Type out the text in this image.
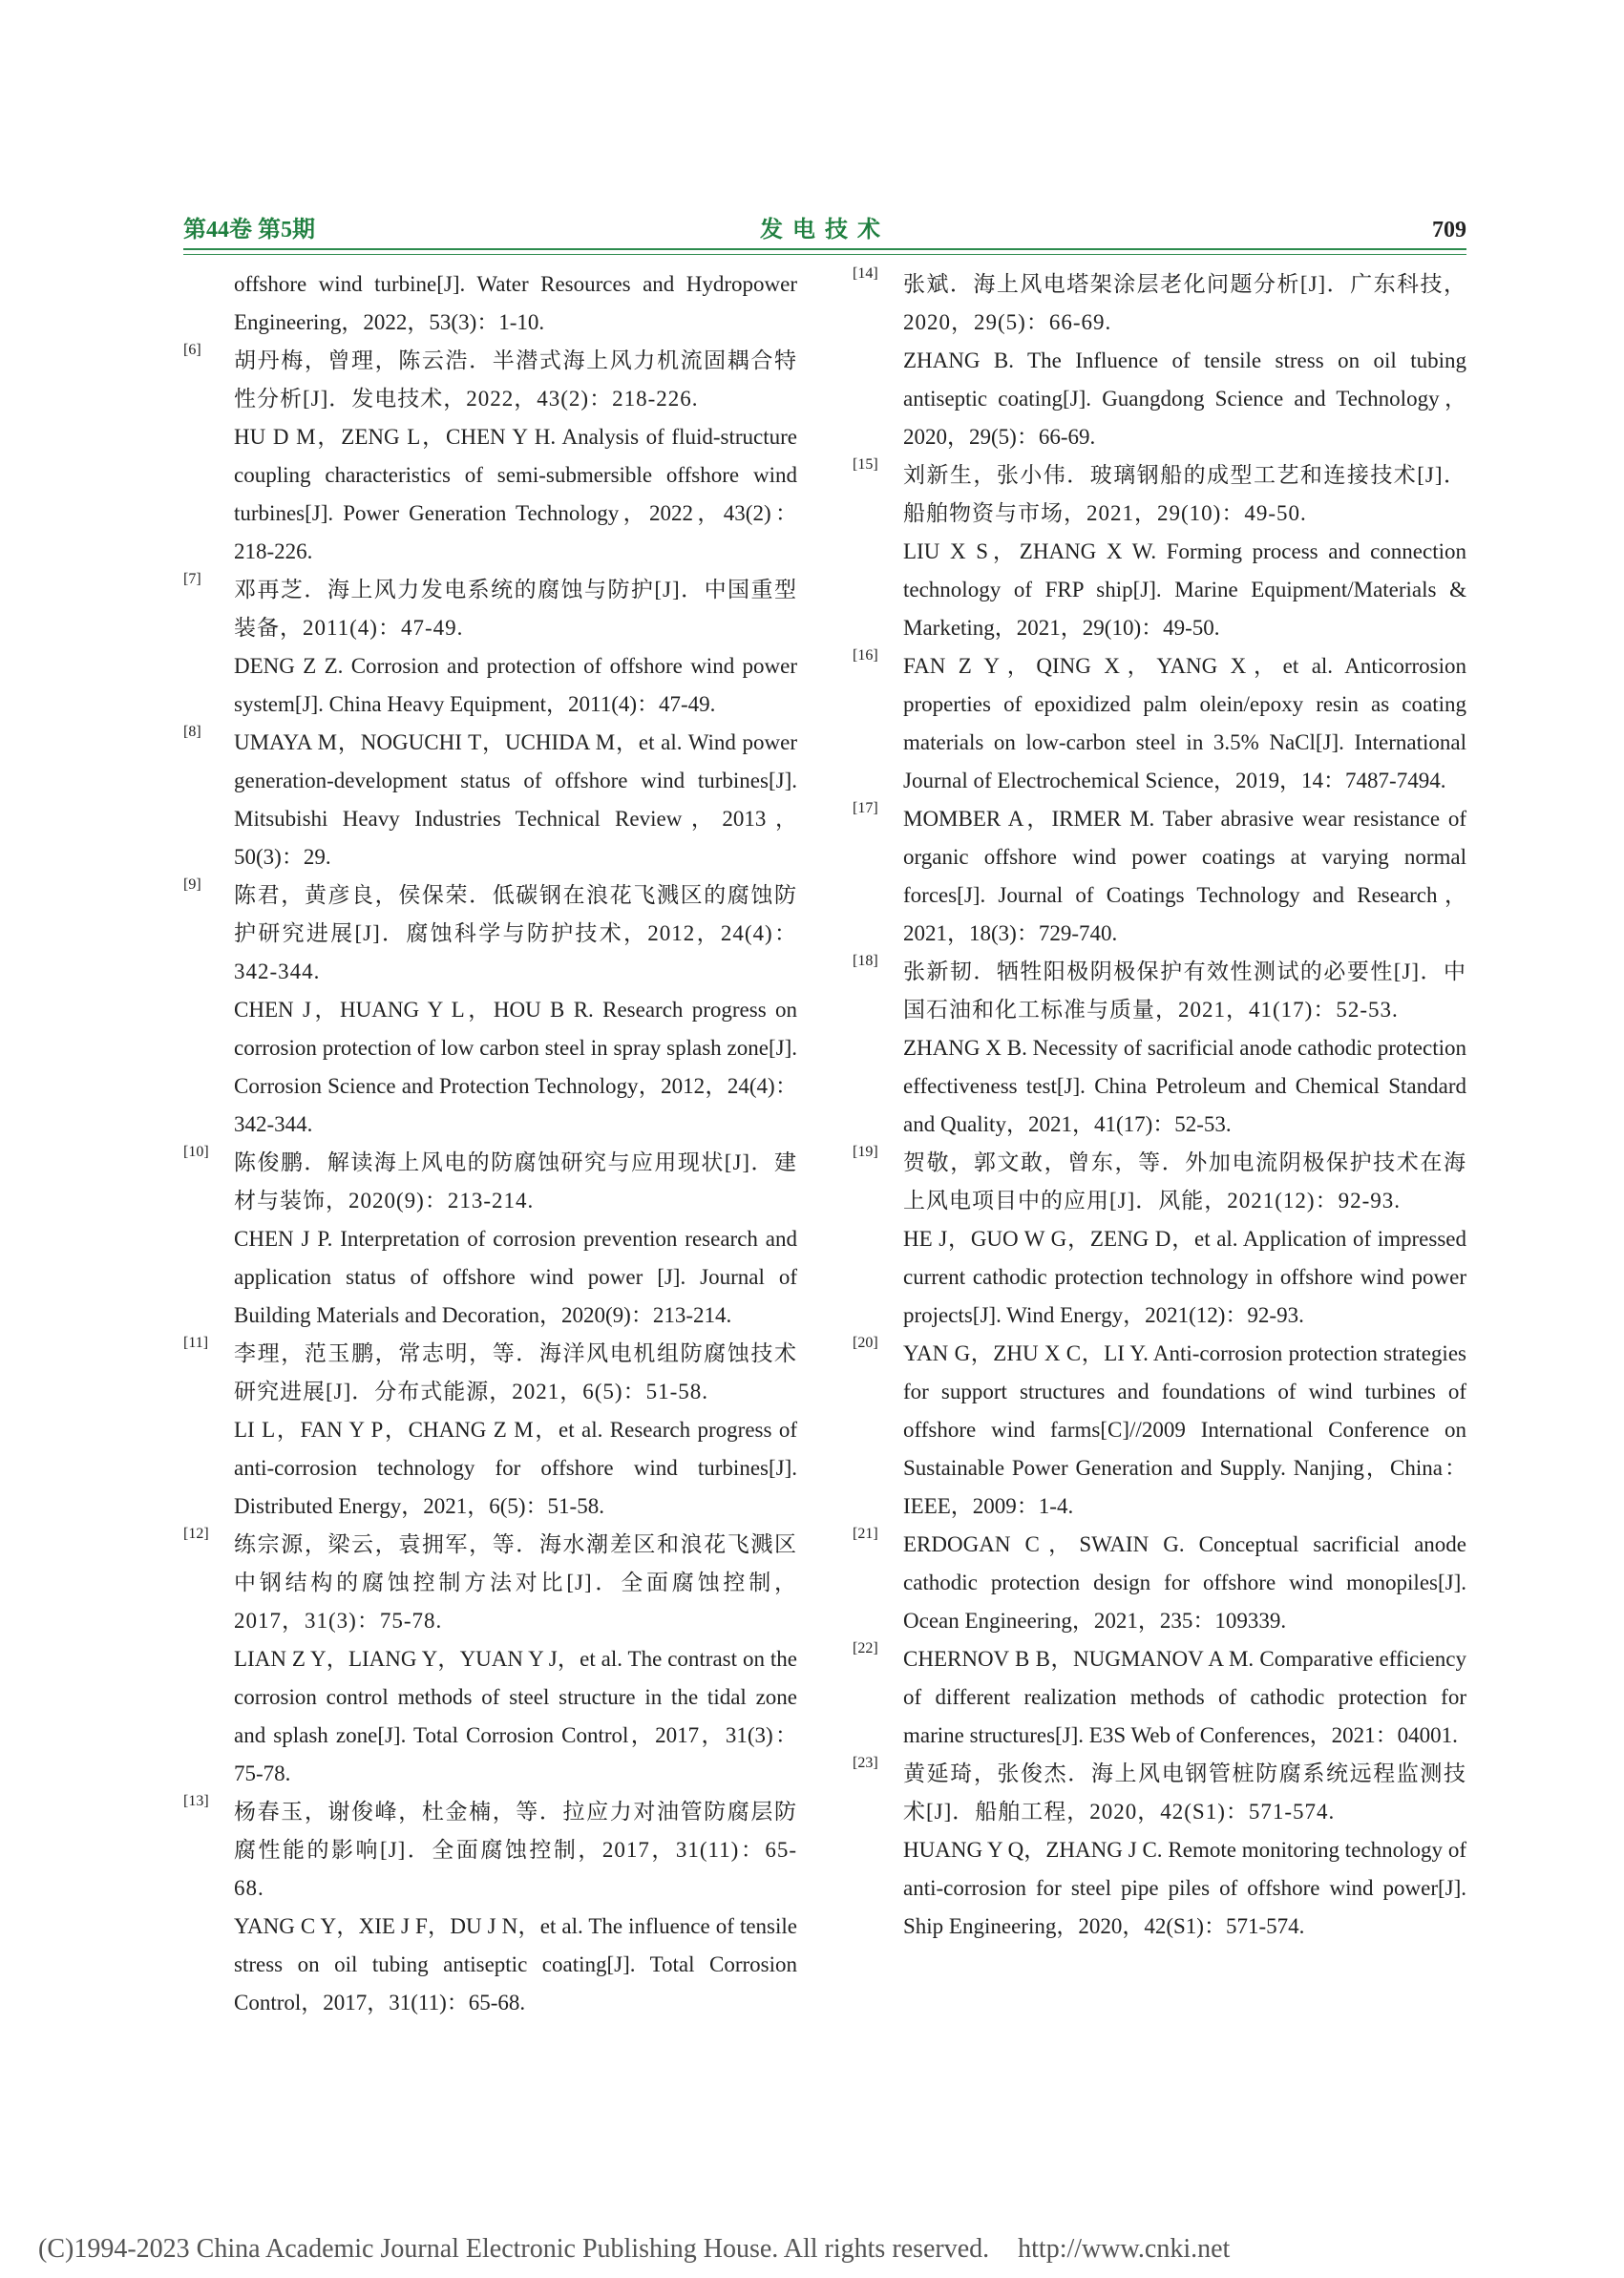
第44卷 第5期	发电技术	709

offshore wind turbine[J]. Water Resources and Hydropower Engineering，2022，53(3)：1-10.

[6] 胡丹梅，曾理，陈云浩．半潜式海上风力机流固耦合特性分析[J]．发电技术，2022，43(2)：218-226.

HU D M，ZENG L，CHEN Y H. Analysis of fluid-structure coupling characteristics of semi-submersible offshore wind turbines[J]. Power Generation Technology，2022，43(2)：218-226.

[7] 邓再芝．海上风力发电系统的腐蚀与防护[J]．中国重型装备，2011(4)：47-49.

DENG Z Z. Corrosion and protection of offshore wind power system[J]. China Heavy Equipment，2011(4)：47-49.

[8] UMAYA M，NOGUCHI T，UCHIDA M，et al. Wind power generation-development status of offshore wind turbines[J]. Mitsubishi Heavy Industries Technical Review，2013，50(3)：29.

[9] 陈君，黄彦良，侯保荣．低碳钢在浪花飞溅区的腐蚀防护研究进展[J]．腐蚀科学与防护技术，2012，24(4)：342-344.

CHEN J，HUANG Y L，HOU B R. Research progress on corrosion protection of low carbon steel in spray splash zone[J]. Corrosion Science and Protection Technology，2012，24(4)：342-344.

[10] 陈俊鹏．解读海上风电的防腐蚀研究与应用现状[J]．建材与装饰，2020(9)：213-214.

CHEN J P. Interpretation of corrosion prevention research and application status of offshore wind power [J]. Journal of Building Materials and Decoration，2020(9)：213-214.

[11] 李理，范玉鹏，常志明，等．海洋风电机组防腐蚀技术研究进展[J]．分布式能源，2021，6(5)：51-58.

LI L，FAN Y P，CHANG Z M，et al. Research progress of anti-corrosion technology for offshore wind turbines[J]. Distributed Energy，2021，6(5)：51-58.

[12] 练宗源，梁云，袁拥军，等．海水潮差区和浪花飞溅区中钢结构的腐蚀控制方法对比[J]．全面腐蚀控制，2017，31(3)：75-78.

LIAN Z Y，LIANG Y，YUAN Y J，et al. The contrast on the corrosion control methods of steel structure in the tidal zone and splash zone[J]. Total Corrosion Control，2017，31(3)：75-78.

[13] 杨春玉，谢俊峰，杜金楠，等．拉应力对油管防腐层防腐性能的影响[J]．全面腐蚀控制，2017，31(11)：65-68.

YANG C Y，XIE J F，DU J N，et al. The influence of tensile stress on oil tubing antiseptic coating[J]. Total Corrosion Control，2017，31(11)：65-68.

[14] 张斌．海上风电塔架涂层老化问题分析[J]．广东科技，2020，29(5)：66-69.

ZHANG B. The Influence of tensile stress on oil tubing antiseptic coating[J]. Guangdong Science and Technology，2020，29(5)：66-69.

[15] 刘新生，张小伟．玻璃钢船的成型工艺和连接技术[J]．船舶物资与市场，2021，29(10)：49-50.

LIU X S，ZHANG X W. Forming process and connection technology of FRP ship[J]. Marine Equipment/Materials & Marketing，2021，29(10)：49-50.

[16] FAN Z Y，QING X，YANG X，et al. Anticorrosion properties of epoxidized palm olein/epoxy resin as coating materials on low-carbon steel in 3.5% NaCl[J]. International Journal of Electrochemical Science，2019，14：7487-7494.

[17] MOMBER A，IRMER M. Taber abrasive wear resistance of organic offshore wind power coatings at varying normal forces[J]. Journal of Coatings Technology and Research，2021，18(3)：729-740.

[18] 张新韧．牺牲阳极阴极保护有效性测试的必要性[J]．中国石油和化工标准与质量，2021，41(17)：52-53.

ZHANG X B. Necessity of sacrificial anode cathodic protection effectiveness test[J]. China Petroleum and Chemical Standard and Quality，2021，41(17)：52-53.

[19] 贺敬，郭文敢，曾东，等．外加电流阴极保护技术在海上风电项目中的应用[J]．风能，2021(12)：92-93.

HE J，GUO W G，ZENG D，et al. Application of impressed current cathodic protection technology in offshore wind power projects[J]. Wind Energy，2021(12)：92-93.

[20] YAN G，ZHU X C，LI Y. Anti-corrosion protection strategies for support structures and foundations of wind turbines of offshore wind farms[C]//2009 International Conference on Sustainable Power Generation and Supply. Nanjing，China：IEEE，2009：1-4.

[21] ERDOGAN C，SWAIN G. Conceptual sacrificial anode cathodic protection design for offshore wind monopiles[J]. Ocean Engineering，2021，235：109339.

[22] CHERNOV B B，NUGMANOV A M. Comparative efficiency of different realization methods of cathodic protection for marine structures[J]. E3S Web of Conferences，2021：04001.

[23] 黄延琦，张俊杰．海上风电钢管桩防腐系统远程监测技术[J]．船舶工程，2020，42(S1)：571-574.

HUANG Y Q，ZHANG J C. Remote monitoring technology of anti-corrosion for steel pipe piles of offshore wind power[J]. Ship Engineering，2020，42(S1)：571-574.

(C)1994-2023 China Academic Journal Electronic Publishing House. All rights reserved. http://www.cnki.net
